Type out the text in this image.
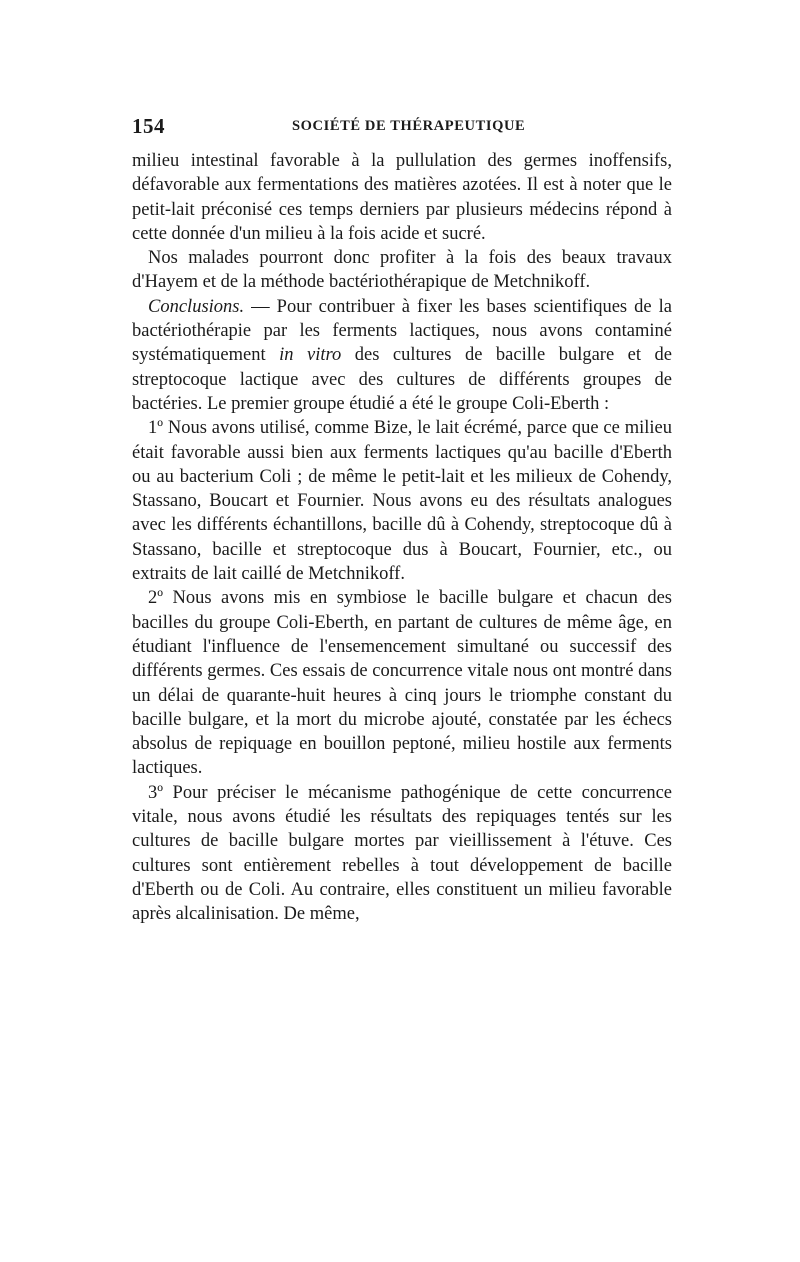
154	SOCIÉTÉ DE THÉRAPEUTIQUE

milieu intestinal favorable à la pullulation des germes inoffensifs, défavorable aux fermentations des matières azotées. Il est à noter que le petit-lait préconisé ces temps derniers par plusieurs médecins répond à cette donnée d'un milieu à la fois acide et sucré.

Nos malades pourront donc profiter à la fois des beaux travaux d'Hayem et de la méthode bactériothérapique de Metchnikoff.

Conclusions. — Pour contribuer à fixer les bases scientifiques de la bactériothérapie par les ferments lactiques, nous avons contaminé systématiquement in vitro des cultures de bacille bulgare et de streptocoque lactique avec des cultures de différents groupes de bactéries. Le premier groupe étudié a été le groupe Coli-Eberth :

1º Nous avons utilisé, comme Bize, le lait écrémé, parce que ce milieu était favorable aussi bien aux ferments lactiques qu'au bacille d'Eberth ou au bacterium Coli ; de même le petit-lait et les milieux de Cohendy, Stassano, Boucart et Fournier. Nous avons eu des résultats analogues avec les différents échantillons, bacille dû à Cohendy, streptocoque dû à Stassano, bacille et streptocoque dus à Boucart, Fournier, etc., ou extraits de lait caillé de Metchnikoff.

2º Nous avons mis en symbiose le bacille bulgare et chacun des bacilles du groupe Coli-Eberth, en partant de cultures de même âge, en étudiant l'influence de l'ensemencement simultané ou successif des différents germes. Ces essais de concurrence vitale nous ont montré dans un délai de quarante-huit heures à cinq jours le triomphe constant du bacille bulgare, et la mort du microbe ajouté, constatée par les échecs absolus de repiquage en bouillon peptoné, milieu hostile aux ferments lactiques.

3º Pour préciser le mécanisme pathogénique de cette concurrence vitale, nous avons étudié les résultats des repiquages tentés sur les cultures de bacille bulgare mortes par vieillissement à l'étuve. Ces cultures sont entièrement rebelles à tout développement de bacille d'Eberth ou de Coli. Au contraire, elles constituent un milieu favorable après alcalinisation. De même,
